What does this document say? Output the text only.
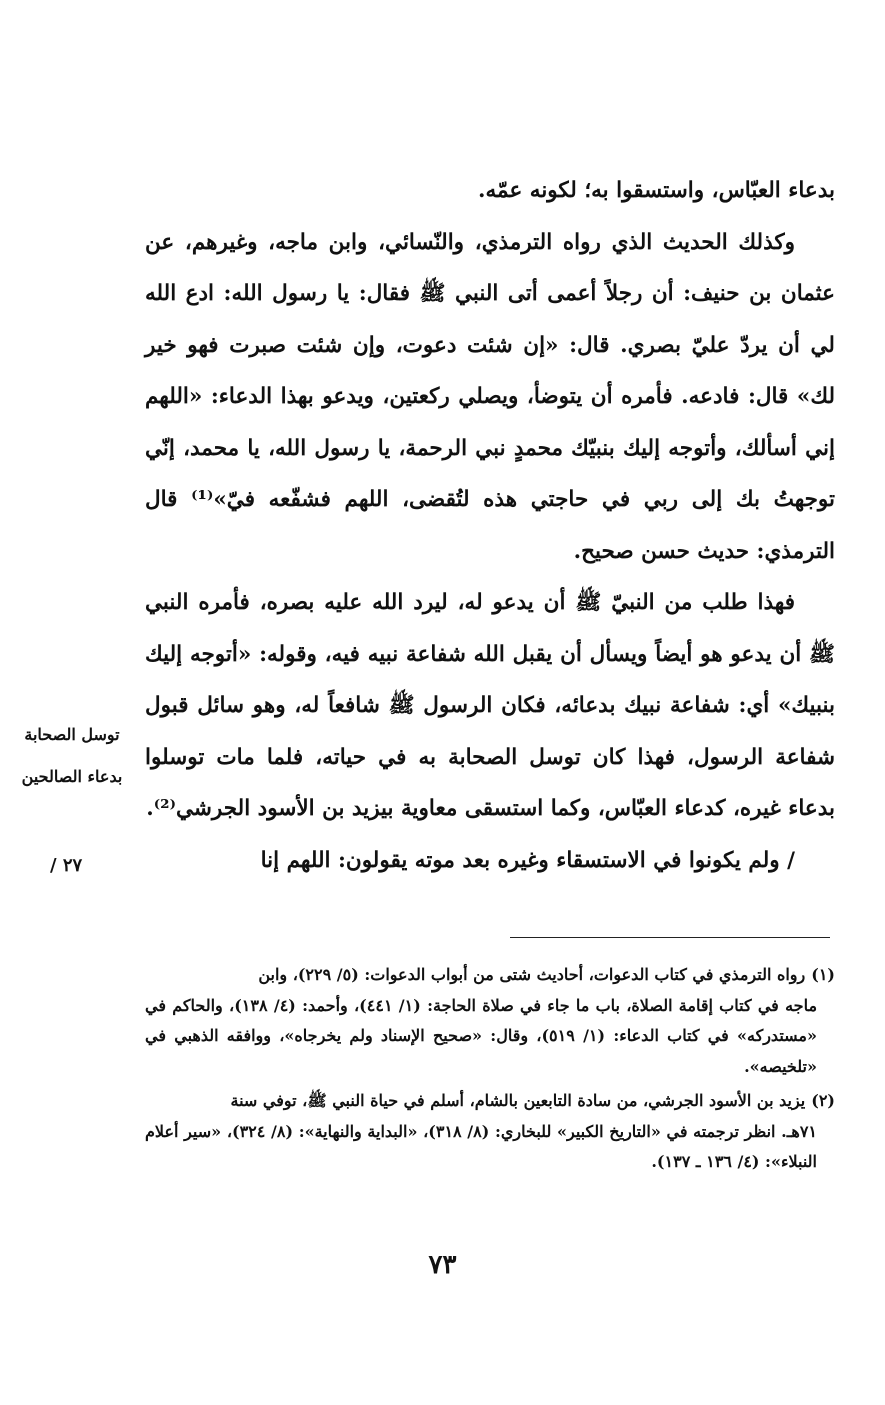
بدعاء العبّاس، واستسقوا به؛ لكونه عمّه.

وكذلك الحديث الذي رواه الترمذي، والنّسائي، وابن ماجه، وغيرهم، عن عثمان بن حنيف: أن رجلاً أعمى أتى النبي ﷺ فقال: يا رسول الله: ادع الله لي أن يردّ عليّ بصري. قال: «إن شئت دعوت، وإن شئت صبرت فهو خير لك» قال: فادعه. فأمره أن يتوضأ، ويصلي ركعتين، ويدعو بهذا الدعاء: «اللهم إني أسألك، وأتوجه إليك بنبيّك محمدٍ نبي الرحمة، يا رسول الله، يا محمد، إنّي توجهتُ بك إلى ربي في حاجتي هذه لتُقضى، اللهم فشفّعه فيّ»⁽¹⁾ قال الترمذي: حديث حسن صحيح.

فهذا طلب من النبيّ ﷺ أن يدعو له، ليرد الله عليه بصره، فأمره النبي ﷺ أن يدعو هو أيضاً ويسأل أن يقبل الله شفاعة نبيه فيه، وقوله: «أتوجه إليك بنبيك» أي: شفاعة نبيك بدعائه، فكان الرسول ﷺ شافعاً له، وهو سائل قبول شفاعة الرسول، فهذا كان توسل الصحابة به في حياته، فلما مات توسلوا بدعاء غيره، كدعاء العبّاس، وكما استسقى معاوية بيزيد بن الأسود الجرشي⁽²⁾.

/ ولم يكونوا في الاستسقاء وغيره بعد موته يقولون: اللهم إنا

توسل الصحابة
بدعاء الصالحين
٢٧ /

(١)رواه الترمذي في كتاب الدعوات، أحاديث شتى من أبواب الدعوات: (٥/ ٢٢٩)، وابن
ماجه في كتاب إقامة الصلاة، باب ما جاء في صلاة الحاجة: (١/ ٤٤١)، وأحمد: (٤/ ١٣٨)، والحاكم في «مستدركه» في كتاب الدعاء: (١/ ٥١٩)، وقال: «صحيح الإسناد ولم يخرجاه»، ووافقه الذهبي في «تلخيصه».

(٢)يزيد بن الأسود الجرشي، من سادة التابعين بالشام، أسلم في حياة النبي ﷺ، توفي سنة
٧١هـ. انظر ترجمته في «التاريخ الكبير» للبخاري: (٨/ ٣١٨)، «البداية والنهاية»: (٨/ ٣٢٤)، «سير أعلام النبلاء»: (٤/ ١٣٦ ـ ١٣٧).

٧٣
